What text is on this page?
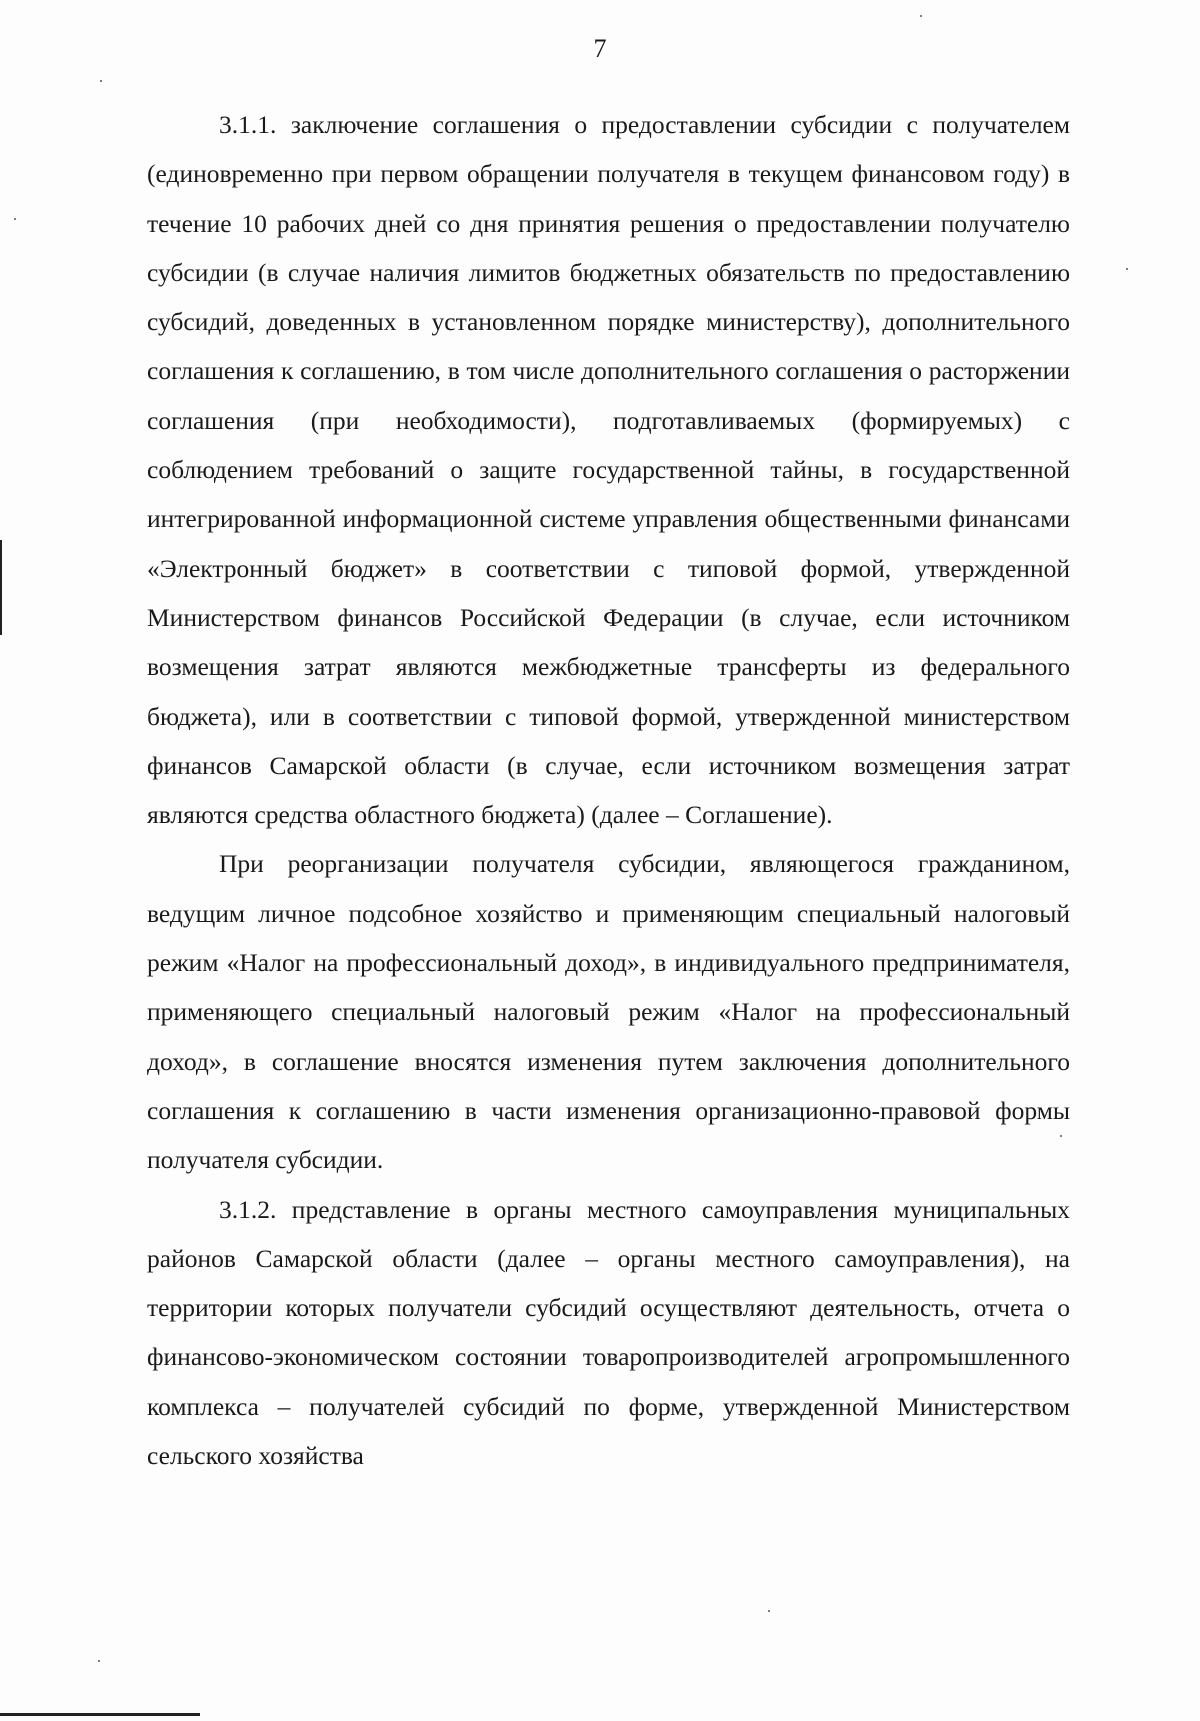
7

3.1.1. заключение соглашения о предоставлении субсидии с получателем (единовременно при первом обращении получателя в текущем финансовом году) в течение 10 рабочих дней со дня принятия решения о предоставлении получателю субсидии (в случае наличия лимитов бюджетных обязательств по предоставлению субсидий, доведенных в установленном порядке министерству), дополнительного соглашения к соглашению, в том числе дополнительного соглашения о расторжении соглашения (при необходимости), подготавливаемых (формируемых) с соблюдением требований о защите государственной тайны, в государственной интегрированной информационной системе управления общественными финансами «Электронный бюджет» в соответствии с типовой формой, утвержденной Министерством финансов Российской Федерации (в случае, если источником возмещения затрат являются межбюджетные трансферты из федерального бюджета), или в соответствии с типовой формой, утвержденной министерством финансов Самарской области (в случае, если источником возмещения затрат являются средства областного бюджета) (далее – Соглашение).

При реорганизации получателя субсидии, являющегося гражданином, ведущим личное подсобное хозяйство и применяющим специальный налоговый режим «Налог на профессиональный доход», в индивидуального предпринимателя, применяющего специальный налоговый режим «Налог на профессиональный доход», в соглашение вносятся изменения путем заключения дополнительного соглашения к соглашению в части изменения организационно-правовой формы получателя субсидии.

3.1.2. представление в органы местного самоуправления муниципальных районов Самарской области (далее – органы местного самоуправления), на территории которых получатели субсидий осуществляют деятельность, отчета о финансово-экономическом состоянии товаропроизводителей агропромышленного комплекса – получателей субсидий по форме, утвержденной Министерством сельского хозяйства
